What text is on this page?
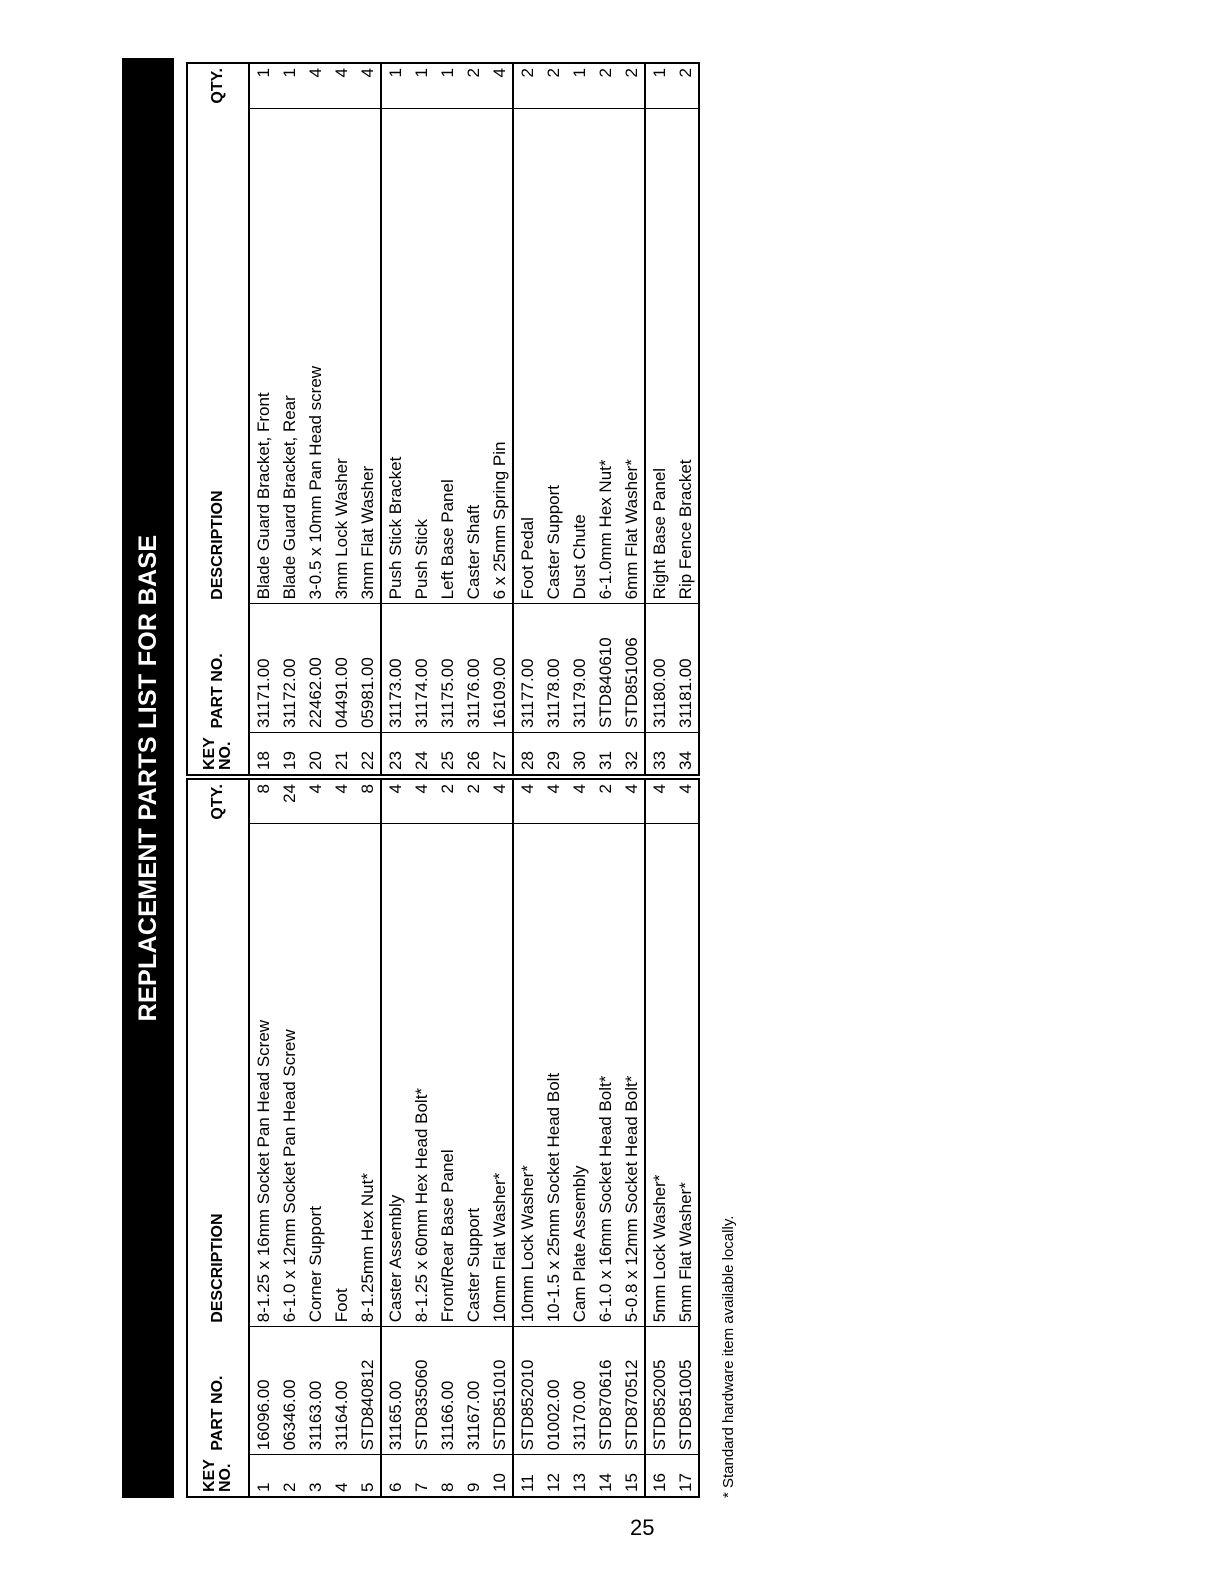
REPLACEMENT PARTS LIST FOR BASE
KEY NO.	PART NO.	DESCRIPTION	QTY.
1	16096.00	8-1.25 x 16mm Socket Pan Head Screw	8
2	06346.00	6-1.0 x 12mm Socket Pan Head Screw	24
3	31163.00	Corner Support	4
4	31164.00	Foot	4
5	STD840812	8-1.25mm Hex Nut*	8
6	31165.00	Caster Assembly	4
7	STD835060	8-1.25 x 60mm Hex Head Bolt*	4
8	31166.00	Front/Rear Base Panel	2
9	31167.00	Caster Support	2
10	STD851010	10mm Flat Washer*	4
11	STD852010	10mm Lock Washer*	4
12	01002.00	10-1.5 x 25mm Socket Head Bolt	4
13	31170.00	Cam Plate Assembly	4
14	STD870616	6-1.0 x 16mm Socket Head Bolt*	2
15	STD870512	5-0.8 x 12mm Socket Head Bolt*	4
16	STD852005	5mm Lock Washer*	4
17	STD851005	5mm Flat Washer*	4
KEY NO.	PART NO.	DESCRIPTION	QTY.
18	31171.00	Blade Guard Bracket, Front	1
19	31172.00	Blade Guard Bracket, Rear	1
20	22462.00	3-0.5 x 10mm Pan Head screw	4
21	04491.00	3mm Lock Washer	4
22	05981.00	3mm Flat Washer	4
23	31173.00	Push Stick Bracket	1
24	31174.00	Push Stick	1
25	31175.00	Left Base Panel	1
26	31176.00	Caster Shaft	2
27	16109.00	6 x 25mm Spring Pin	4
28	31177.00	Foot Pedal	2
29	31178.00	Caster Support	2
30	31179.00	Dust Chute	1
31	STD840610	6-1.0mm Hex Nut*	2
32	STD851006	6mm Flat Washer*	2
33	31180.00	Right Base Panel	1
34	31181.00	Rip Fence Bracket	2
* Standard hardware item available locally.
25
